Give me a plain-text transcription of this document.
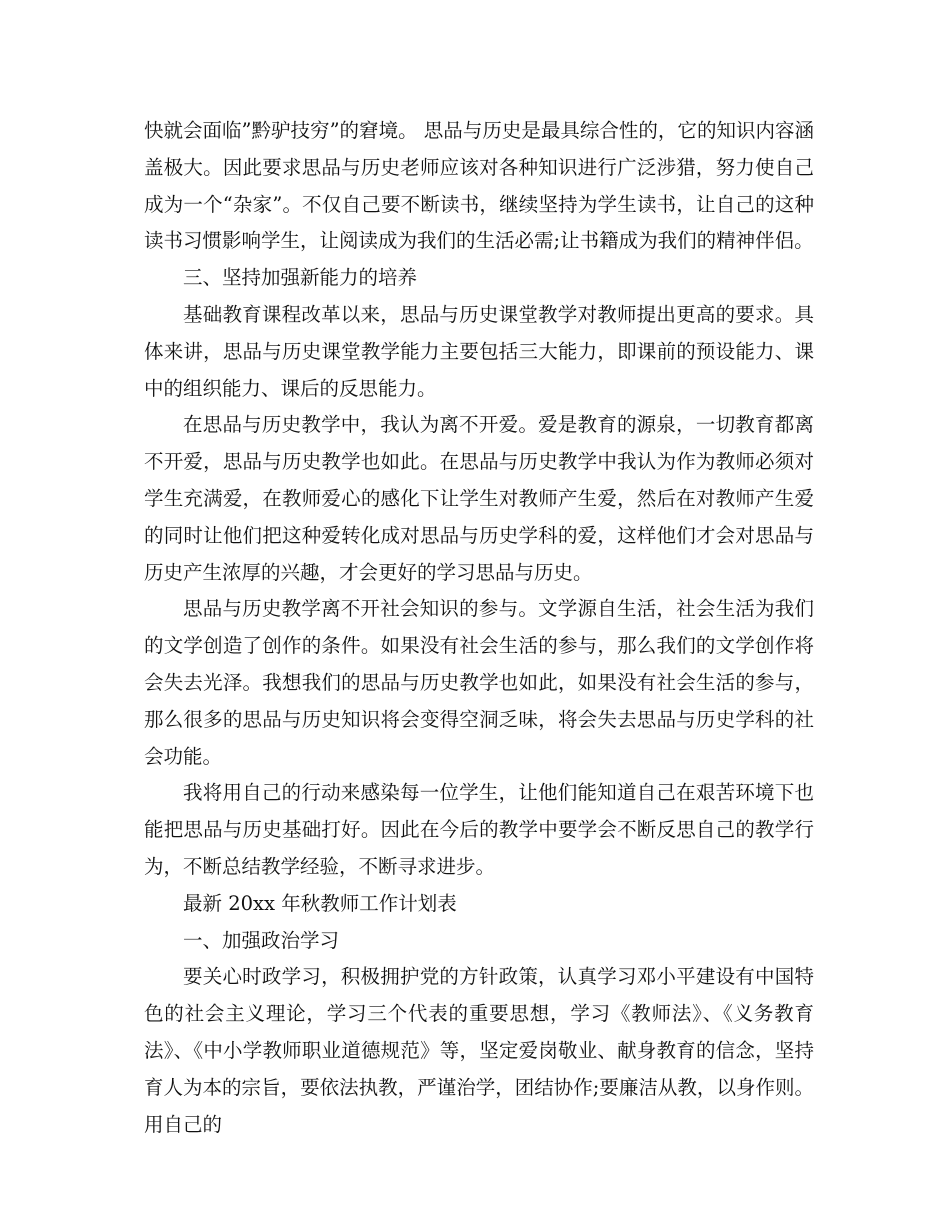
快就会面临”黔驴技穷”的窘境。 思品与历史是最具综合性的，它的知识内容涵盖极大。因此要求思品与历史老师应该对各种知识进行广泛涉猎，努力使自己成为一个“杂家”。不仅自己要不断读书，继续坚持为学生读书，让自己的这种读书习惯影响学生，让阅读成为我们的生活必需;让书籍成为我们的精神伴侣。

三、坚持加强新能力的培养

基础教育课程改革以来，思品与历史课堂教学对教师提出更高的要求。具体来讲，思品与历史课堂教学能力主要包括三大能力，即课前的预设能力、课中的组织能力、课后的反思能力。

在思品与历史教学中，我认为离不开爱。爱是教育的源泉，一切教育都离不开爱，思品与历史教学也如此。在思品与历史教学中我认为作为教师必须对学生充满爱，在教师爱心的感化下让学生对教师产生爱，然后在对教师产生爱的同时让他们把这种爱转化成对思品与历史学科的爱，这样他们才会对思品与历史产生浓厚的兴趣，才会更好的学习思品与历史。

思品与历史教学离不开社会知识的参与。文学源自生活，社会生活为我们的文学创造了创作的条件。如果没有社会生活的参与，那么我们的文学创作将会失去光泽。我想我们的思品与历史教学也如此，如果没有社会生活的参与，那么很多的思品与历史知识将会变得空洞乏味，将会失去思品与历史学科的社会功能。

我将用自己的行动来感染每一位学生，让他们能知道自己在艰苦环境下也能把思品与历史基础打好。因此在今后的教学中要学会不断反思自己的教学行为，不断总结教学经验，不断寻求进步。

最新 20xx 年秋教师工作计划表

一、加强政治学习

要关心时政学习，积极拥护党的方针政策，认真学习邓小平建设有中国特色的社会主义理论，学习三个代表的重要思想，学习《教师法》、《义务教育法》、《中小学教师职业道德规范》等，坚定爱岗敬业、献身教育的信念，坚持育人为本的宗旨，要依法执教，严谨治学，团结协作;要廉洁从教，以身作则。用自己的
